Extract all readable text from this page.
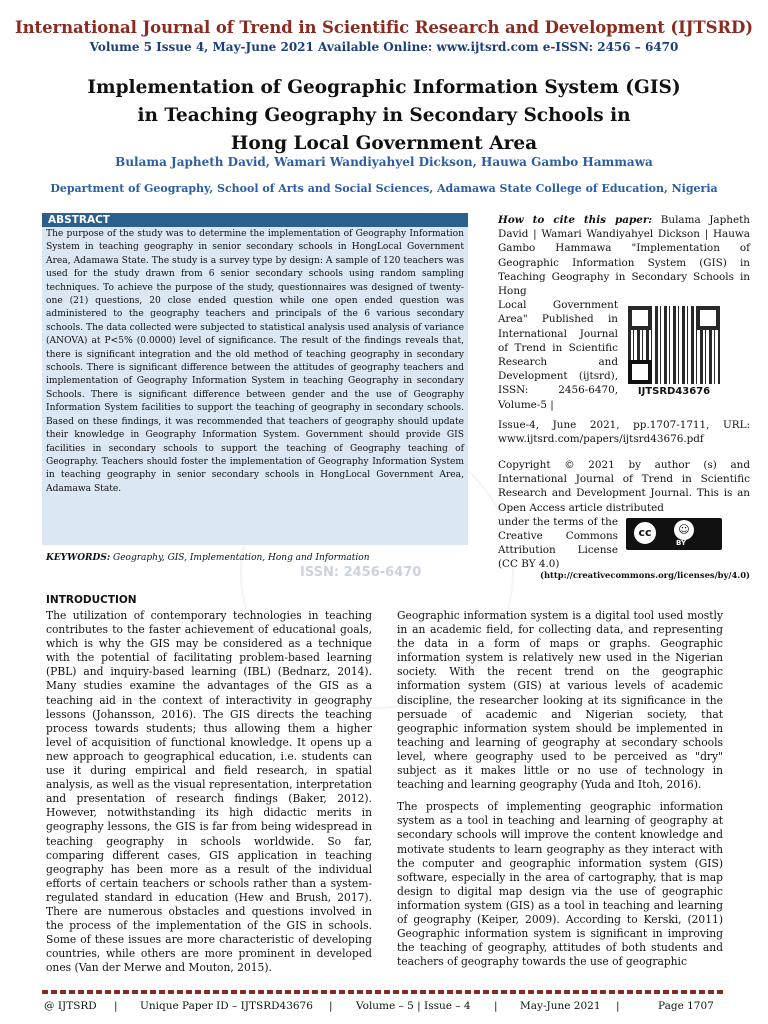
International Journal of Trend in Scientific Research and Development (IJTSRD)
Volume 5 Issue 4, May-June 2021 Available Online: www.ijtsrd.com e-ISSN: 2456 – 6470
Implementation of Geographic Information System (GIS)
in Teaching Geography in Secondary Schools in
Hong Local Government Area
Bulama Japheth David, Wamari Wandiyahyel Dickson, Hauwa Gambo Hammawa
Department of Geography, School of Arts and Social Sciences, Adamawa State College of Education, Nigeria
ISSN: 2456-6470
ABSTRACT
The purpose of the study was to determine the implementation of Geography Information System in teaching geography in senior secondary schools in HongLocal Government Area, Adamawa State. The study is a survey type by design: A sample of 120 teachers was used for the study drawn from 6 senior secondary schools using random sampling techniques. To achieve the purpose of the study, questionnaires was designed of twenty- one (21) questions, 20 close ended question while one open ended question was administered to the geography teachers and principals of the 6 various secondary schools. The data collected were subjected to statistical analysis used analysis of variance (ANOVA) at P<5% (0.0000) level of significance. The result of the findings reveals that, there is significant integration and the old method of teaching geography in secondary schools. There is significant difference between the attitudes of geography teachers and implementation of Geography Information System in teaching Geography in secondary Schools. There is significant difference between gender and the use of Geography Information System facilities to support the teaching of geography in secondary schools. Based on these findings, it was recommended that teachers of geography should update their knowledge in Geography Information System. Government should provide GIS facilities in secondary schools to support the teaching of Geography teaching of Geography. Teachers should foster the implementation of Geography Information System in teaching geography in senior secondary schools in HongLocal Government Area, Adamawa State.
KEYWORDS: Geography, GIS, Implementation, Hong and Information
How to cite this paper: Bulama Japheth David | Wamari Wandiyahyel Dickson | Hauwa Gambo Hammawa "Implementation of Geographic Information System (GIS) in Teaching Geography in Secondary Schools in Hong
Local Government Area" Published in International Journal of Trend in Scientific Research and Development (ijtsrd), ISSN: 2456-6470, Volume-5 |
IJTSRD43676
Issue-4, June 2021, pp.1707-1711, URL: www.ijtsrd.com/papers/ijtsrd43676.pdf
Copyright © 2021 by author (s) and International Journal of Trend in Scientific Research and Development Journal. This is an Open Access article distributed
under the terms of the Creative Commons Attribution License (CC BY 4.0)
cc	☺
BY
(http://creativecommons.org/licenses/by/4.0)
INTRODUCTION
The utilization of contemporary technologies in teaching contributes to the faster achievement of educational goals, which is why the GIS may be considered as a technique with the potential of facilitating problem-based learning (PBL) and inquiry-based learning (IBL) (Bednarz, 2014). Many studies examine the advantages of the GIS as a teaching aid in the context of interactivity in geography lessons (Johansson, 2016). The GIS directs the teaching process towards students; thus allowing them a higher level of acquisition of functional knowledge. It opens up a new approach to geographical education, i.e. students can use it during empirical and field research, in spatial analysis, as well as the visual representation, interpretation and presentation of research findings (Baker, 2012). However, notwithstanding its high didactic merits in geography lessons, the GIS is far from being widespread in teaching geography in schools worldwide. So far, comparing different cases, GIS application in teaching geography has been more as a result of the individual efforts of certain teachers or schools rather than a system- regulated standard in education (Hew and Brush, 2017). There are numerous obstacles and questions involved in the process of the implementation of the GIS in schools. Some of these issues are more characteristic of developing countries, while others are more prominent in developed ones (Van der Merwe and Mouton, 2015).
Geographic information system is a digital tool used mostly in an academic field, for collecting data, and representing the data in a form of maps or graphs. Geographic information system is relatively new used in the Nigerian society. With the recent trend on the geographic information system (GIS) at various levels of academic discipline, the researcher looking at its significance in the persuade of academic and Nigerian society, that geographic information system should be implemented in teaching and learning of geography at secondary schools level, where geography used to be perceived as "dry" subject as it makes little or no use of technology in teaching and learning geography (Yuda and Itoh, 2016).
The prospects of implementing geographic information system as a tool in teaching and learning of geography at secondary schools will improve the content knowledge and motivate students to learn geography as they interact with the computer and geographic information system (GIS) software, especially in the area of cartography, that is map design to digital map design via the use of geographic information system (GIS) as a tool in teaching and learning of geography (Keiper, 2009). According to Kerski, (2011) Geographic information system is significant in improving the teaching of geography, attitudes of both students and teachers of geography towards the use of geographic
@ IJTSRD | Unique Paper ID – IJTSRD43676 | Volume – 5 | Issue – 4 | May-June 2021 |	Page 1707
